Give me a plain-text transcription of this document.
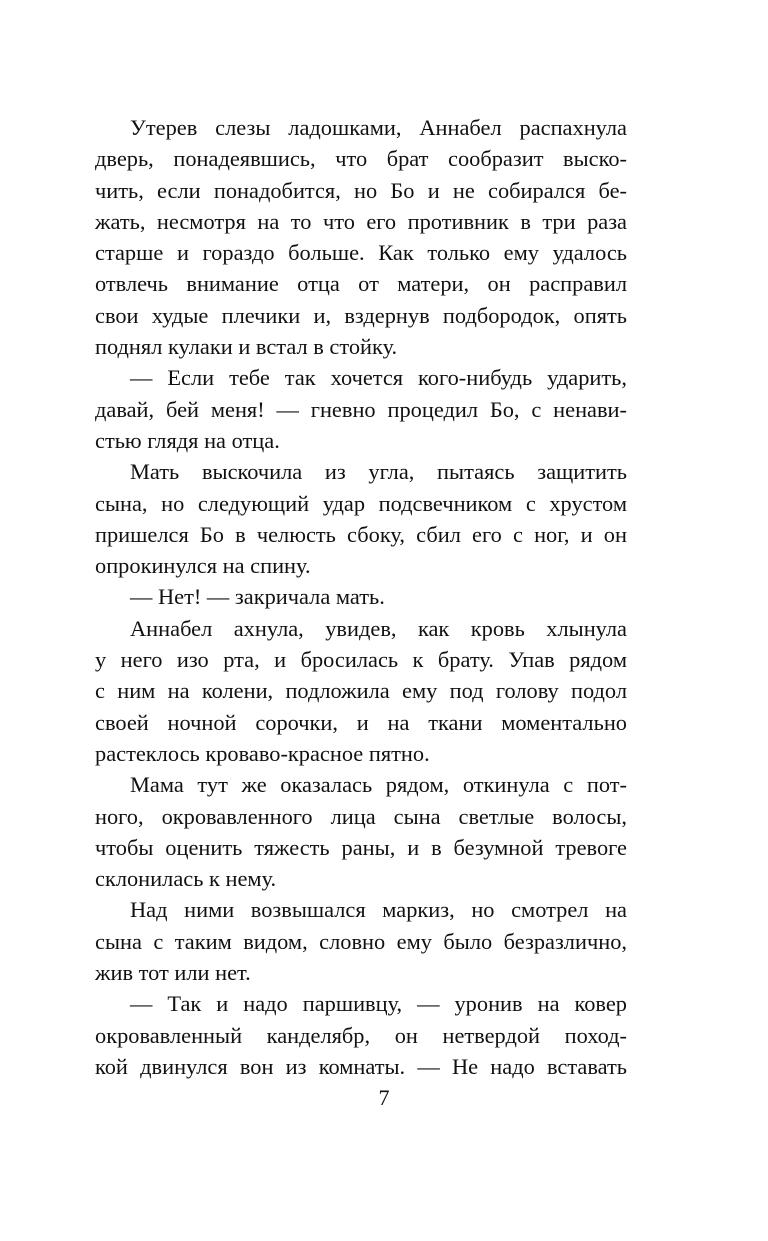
Утерев слезы ладошками, Аннабел распахнула
дверь, понадеявшись, что брат сообразит выско-
чить, если понадобится, но Бо и не собирался бе-
жать, несмотря на то что его противник в три раза
старше и гораздо больше. Как только ему удалось
отвлечь внимание отца от матери, он расправил
свои худые плечики и, вздернув подбородок, опять
поднял кулаки и встал в стойку.
— Если тебе так хочется кого-нибудь ударить,
давай, бей меня! — гневно процедил Бо, с ненави-
стью глядя на отца.
Мать выскочила из угла, пытаясь защитить
сына, но следующий удар подсвечником с хрустом
пришелся Бо в челюсть сбоку, сбил его с ног, и он
опрокинулся на спину.
— Нет! — закричала мать.
Аннабел ахнула, увидев, как кровь хлынула
у него изо рта, и бросилась к брату. Упав рядом
с ним на колени, подложила ему под голову подол
своей ночной сорочки, и на ткани моментально
растеклось кроваво-красное пятно.
Мама тут же оказалась рядом, откинула с пот-
ного, окровавленного лица сына светлые волосы,
чтобы оценить тяжесть раны, и в безумной тревоге
склонилась к нему.
Над ними возвышался маркиз, но смотрел на
сына с таким видом, словно ему было безразлично,
жив тот или нет.
— Так и надо паршивцу, — уронив на ковер
окровавленный канделябр, он нетвердой поход-
кой двинулся вон из комнаты. — Не надо вставать
7
